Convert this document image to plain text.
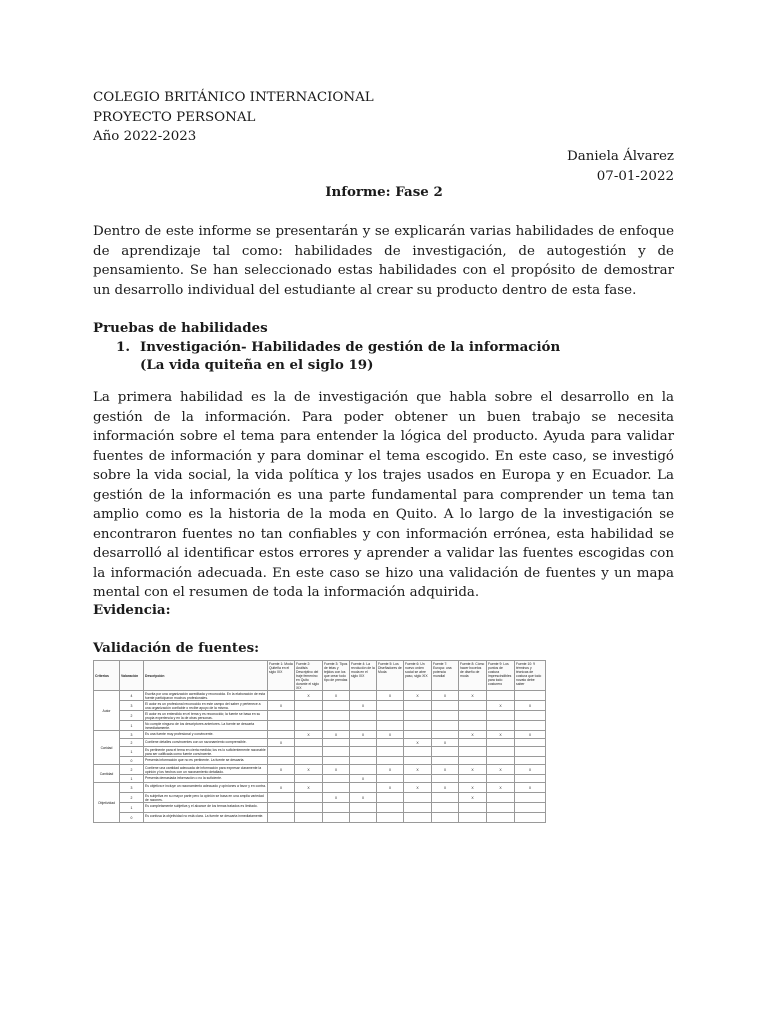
COLEGIO BRITÁNICO INTERNACIONAL
PROYECTO PERSONAL
Año 2022-2023
Daniela Álvarez
07-01-2022
Informe: Fase 2

Dentro de este informe se presentarán y se explicarán varias habilidades de enfoque de aprendizaje tal como: habilidades de investigación, de autogestión y de pensamiento. Se han seleccionado estas habilidades con el propósito de demostrar un desarrollo individual del estudiante al crear su producto dentro de esta fase.

Pruebas de habilidades
1. Investigación- Habilidades de gestión de la información
(La vida quiteña en el siglo 19)

La primera habilidad es la de investigación que habla sobre el desarrollo en la gestión de la información. Para poder obtener un buen trabajo se necesita información sobre el tema para entender la lógica del producto. Ayuda para validar fuentes de información y para dominar el tema escogido. En este caso, se investigó sobre la vida social, la vida política y los trajes usados en Europa y en Ecuador. La gestión de la información es una parte fundamental para comprender un tema tan amplio como es la historia de la moda en Quito. A lo largo de la investigación se encontraron fuentes no tan confiables y con información errónea, esta habilidad se desarrolló al identificar estos errores y aprender a validar las fuentes escogidas con la información adecuada. En este caso se hizo una validación de fuentes y un mapa mental con el resumen de toda la información adquirida.

Evidencia:
Validación de fuentes:
Criterios	Valoración	Descripción	Fuente 1: Moda Quiteña en el siglo XIX	Fuente 2: Análisis Descriptivo del traje femenino en Quito durante el siglo XIX	Fuente 3: Tipos de telas y tejidos con los que crear todo tipo de prendas	Fuente 4: La revolución de la moda en el siglo XIX	Fuente 5: Los Diseñadores de Moda	Fuente 6: Un nuevo orden social se abre paso, siglo XIX	Fuente 7: Europa: una potencia mundial	Fuente 8: Cómo hacer bocetos de diseño de moda	Fuente 9: Los puntos de costura imprescindibles para todo costurero	Fuente 10: 9 términos y técnicas de costura que todo novato debe saber
Autor	4	Escrita por una organización acreditada y reconocida. En la elaboración de esta fuente participaron muchos profesionales.		X	X		X	X	X	X		
	3	El autor es un profesional reconocido en este campo del saber y pertenece a una organización confiable o recibe apoyo de la misma.	X			X					X	X
	2	El autor es un entendido en el tema y es reconocido; la fuente se basa en su propia experiencia y en la de otras personas.										
	1	No cumple ninguno de los descriptores anteriores. La fuente se descarta inmediatamente.										
Caridad	3	Es una fuente muy profesional y convincente.		X	X	X	X			X	X	X
	2	Contiene detalles convincentes con un razonamiento comprensible.	X					X	X			
	1	Es pertinente para el tema en cierta medida; los es lo suficientemente razonable para ser calificada como fuente convincente.										
	0	Presenta información que no es pertinente. La fuente se descarta.										
Cantidad	2	Contiene una cantidad adecuada de información para expresar claramente la opinión y los hechos con un razonamiento detallado.	X	X	X		X	X	X	X	X	X
	1	Presenta demasiada información o no la suficiente.				X						
Objetividad	3	Es objetiva e incluye un razonamiento adecuado y opiniones a favor y en contra.	X	X			X	X	X	X	X	X
	2	Es subjetiva en su mayor parte pero la opinión se basa en una amplia variedad de razones.			X	X				X		
	1	Es completamente subjetiva y el alcance de los temas tratados es limitado.										
	0	Es confusa la objetividad no está clara. La fuente se descarta inmediatamente.										
